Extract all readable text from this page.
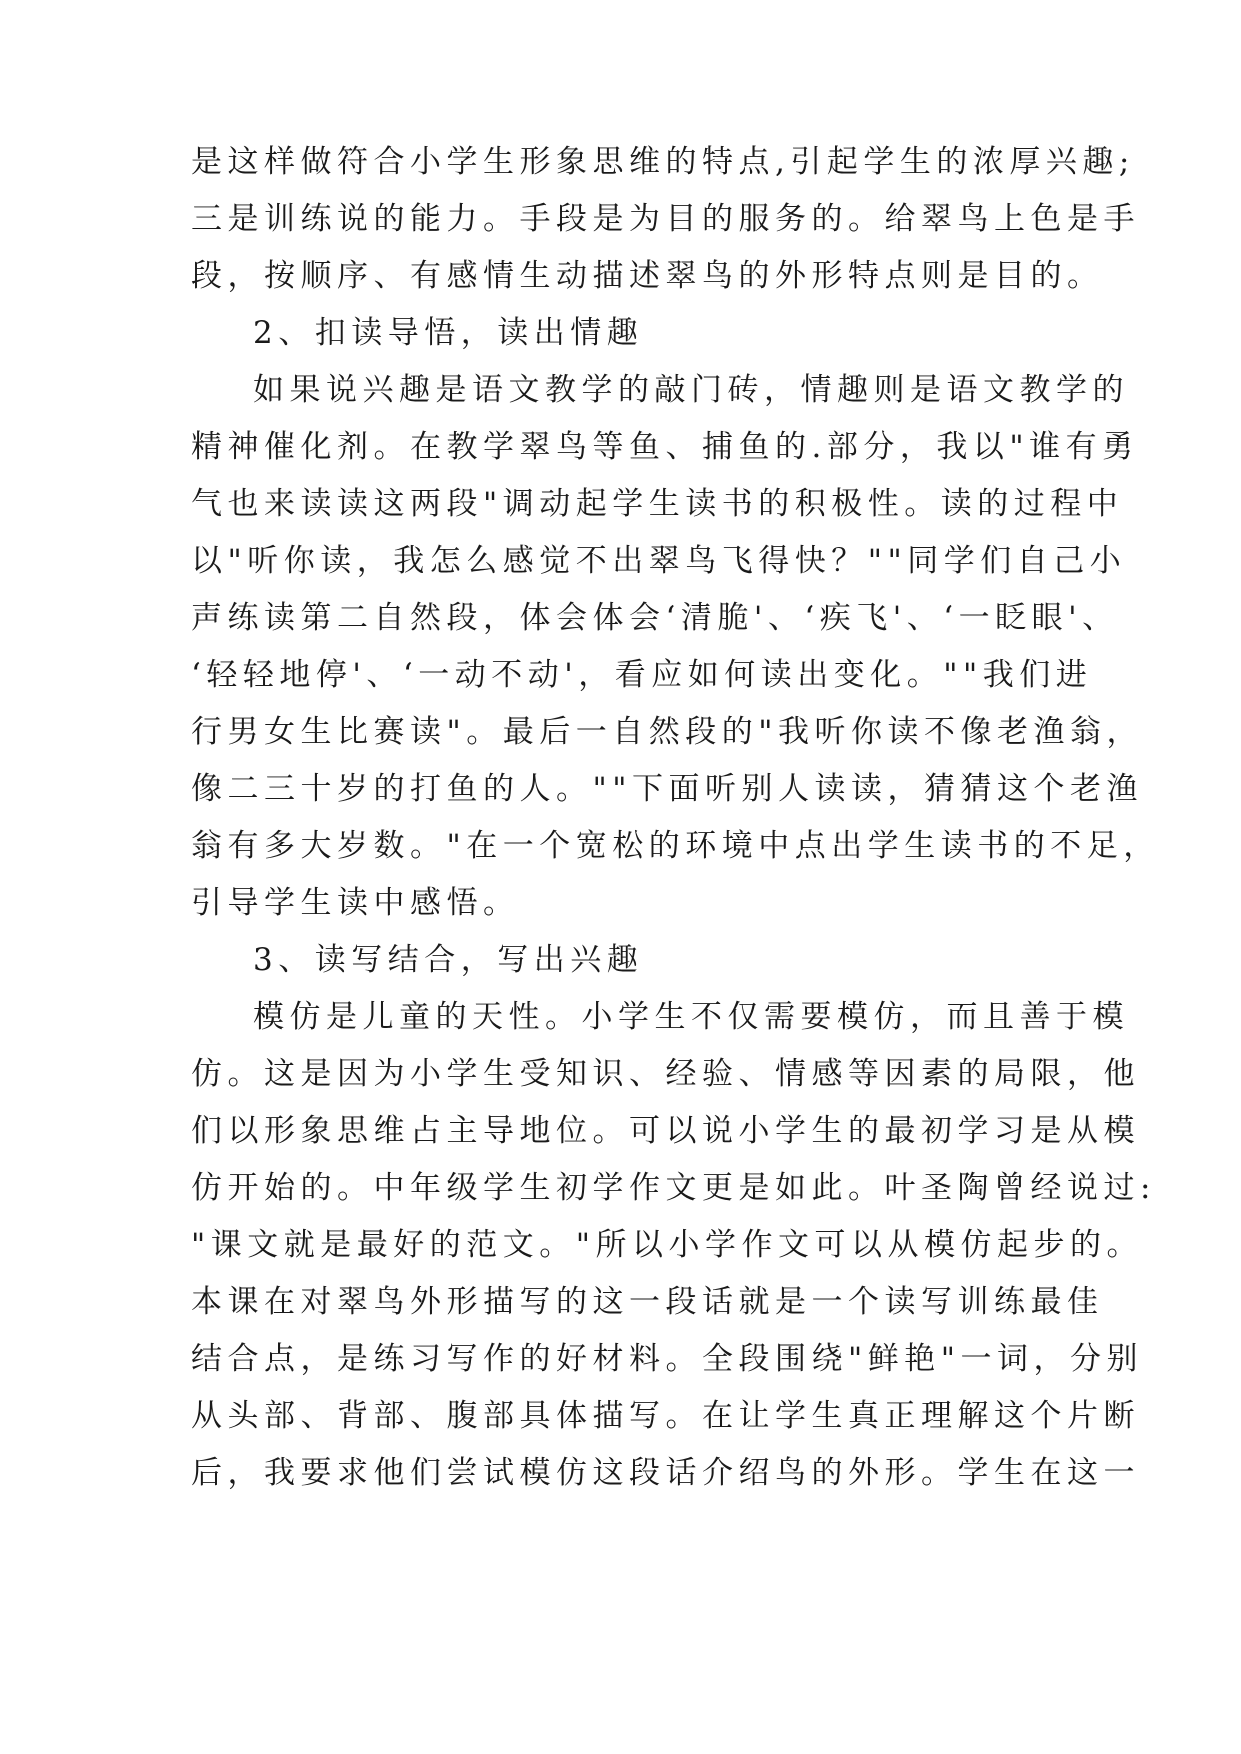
是这样做符合小学生形象思维的特点,引起学生的浓厚兴趣;
三是训练说的能力。手段是为目的服务的。给翠鸟上色是手
段，按顺序、有感情生动描述翠鸟的外形特点则是目的。
2、扣读导悟，读出情趣
如果说兴趣是语文教学的敲门砖，情趣则是语文教学的
精神催化剂。在教学翠鸟等鱼、捕鱼的.部分，我以"谁有勇
气也来读读这两段"调动起学生读书的积极性。读的过程中
以"听你读，我怎么感觉不出翠鸟飞得快？""同学们自己小
声练读第二自然段，体会体会‘清脆'、‘疾飞'、‘一眨眼'、
‘轻轻地停'、‘一动不动'，看应如何读出变化。""我们进
行男女生比赛读"。最后一自然段的"我听你读不像老渔翁，
像二三十岁的打鱼的人。""下面听别人读读，猜猜这个老渔
翁有多大岁数。"在一个宽松的环境中点出学生读书的不足，
引导学生读中感悟。
3、读写结合，写出兴趣
模仿是儿童的天性。小学生不仅需要模仿，而且善于模
仿。这是因为小学生受知识、经验、情感等因素的局限，他
们以形象思维占主导地位。可以说小学生的最初学习是从模
仿开始的。中年级学生初学作文更是如此。叶圣陶曾经说过:
"课文就是最好的范文。"所以小学作文可以从模仿起步的。
本课在对翠鸟外形描写的这一段话就是一个读写训练最佳
结合点，是练习写作的好材料。全段围绕"鲜艳"一词，分别
从头部、背部、腹部具体描写。在让学生真正理解这个片断
后，我要求他们尝试模仿这段话介绍鸟的外形。学生在这一
